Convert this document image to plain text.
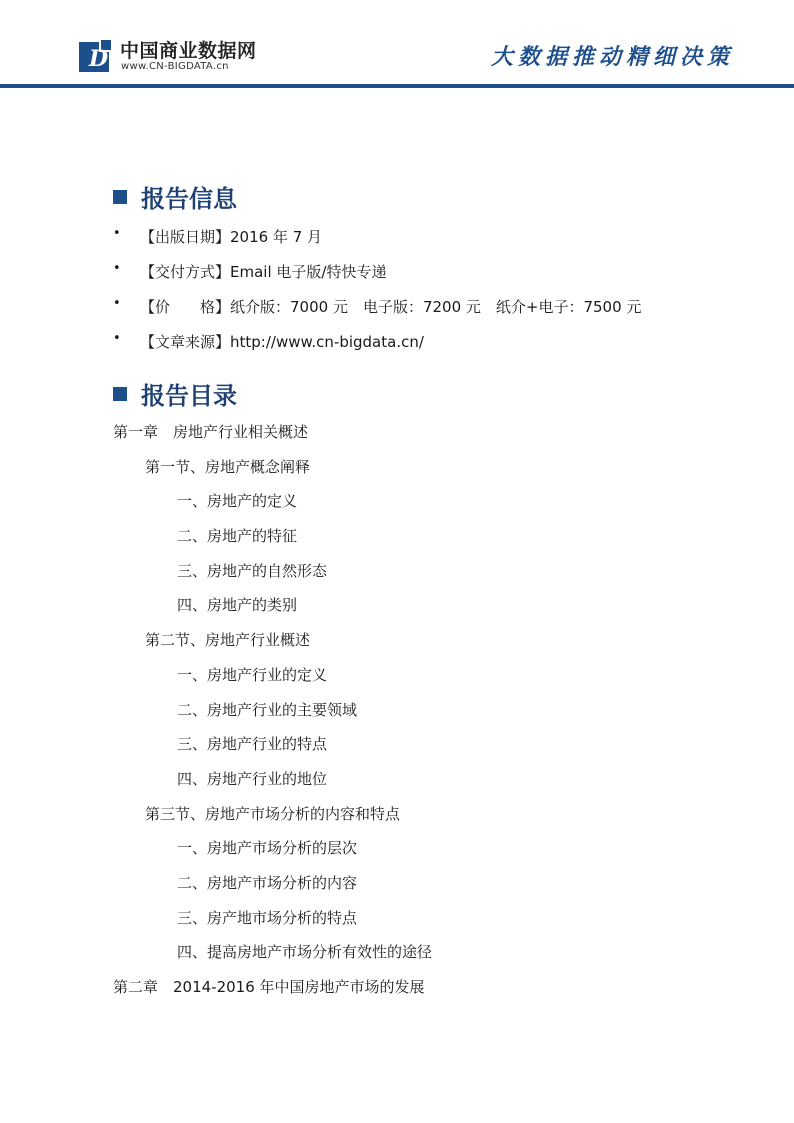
D 中国商业数据网
www.CN-BIGDATA.cn	大数据推动精细决策
报告信息
•	【出版日期】2016 年 7 月
•	【交付方式】Email 电子版/特快专递
•	【价　　格】纸介版：7000 元　电子版：7200 元　纸介+电子：7500 元
•	【文章来源】http://www.cn-bigdata.cn/
报告目录
第一章　房地产行业相关概述
第一节、房地产概念阐释
一、房地产的定义
二、房地产的特征
三、房地产的自然形态
四、房地产的类别
第二节、房地产行业概述
一、房地产行业的定义
二、房地产行业的主要领域
三、房地产行业的特点
四、房地产行业的地位
第三节、房地产市场分析的内容和特点
一、房地产市场分析的层次
二、房地产市场分析的内容
三、房产地市场分析的特点
四、提高房地产市场分析有效性的途径
第二章　2014-2016 年中国房地产市场的发展
